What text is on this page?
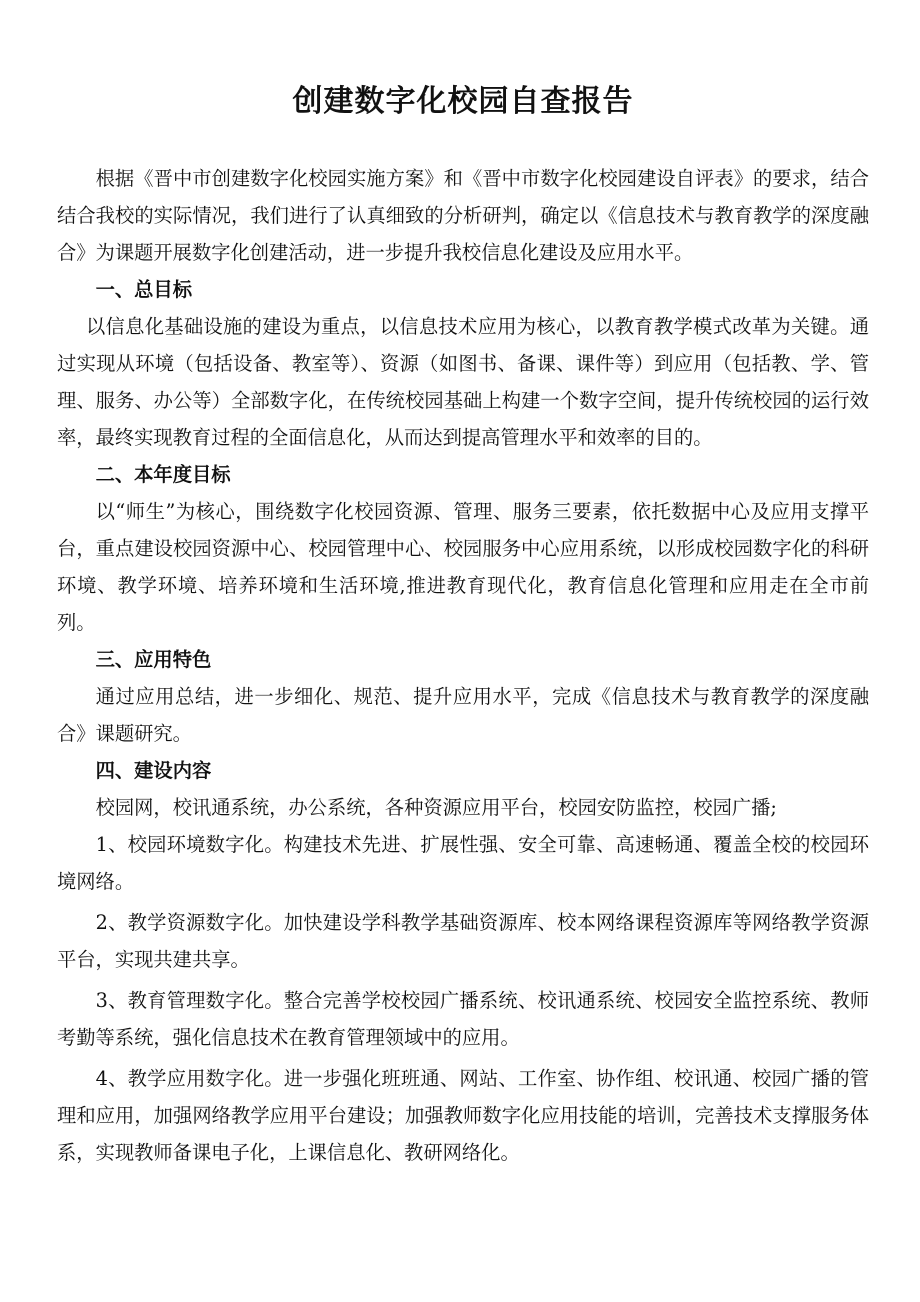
创建数字化校园自查报告

根据《晋中市创建数字化校园实施方案》和《晋中市数字化校园建设自评表》的要求，结合结合我校的实际情况，我们进行了认真细致的分析研判，确定以《信息技术与教育教学的深度融合》为课题开展数字化创建活动，进一步提升我校信息化建设及应用水平。

一、总目标

以信息化基础设施的建设为重点，以信息技术应用为核心，以教育教学模式改革为关键。通过实现从环境（包括设备、教室等）、资源（如图书、备课、课件等）到应用（包括教、学、管理、服务、办公等）全部数字化，在传统校园基础上构建一个数字空间，提升传统校园的运行效率，最终实现教育过程的全面信息化，从而达到提高管理水平和效率的目的。

二、本年度目标

以“师生”为核心，围绕数字化校园资源、管理、服务三要素，依托数据中心及应用支撑平台，重点建设校园资源中心、校园管理中心、校园服务中心应用系统，以形成校园数字化的科研环境、教学环境、培养环境和生活环境,推进教育现代化，教育信息化管理和应用走在全市前列。

三、应用特色

通过应用总结，进一步细化、规范、提升应用水平，完成《信息技术与教育教学的深度融合》课题研究。

四、建设内容

校园网，校讯通系统，办公系统，各种资源应用平台，校园安防监控，校园广播;

1、校园环境数字化。构建技术先进、扩展性强、安全可靠、高速畅通、覆盖全校的校园环境网络。

2、教学资源数字化。加快建设学科教学基础资源库、校本网络课程资源库等网络教学资源平台，实现共建共享。

3、教育管理数字化。整合完善学校校园广播系统、校讯通系统、校园安全监控系统、教师考勤等系统，强化信息技术在教育管理领域中的应用。

4、教学应用数字化。进一步强化班班通、网站、工作室、协作组、校讯通、校园广播的管理和应用，加强网络教学应用平台建设；加强教师数字化应用技能的培训，完善技术支撑服务体系，实现教师备课电子化，上课信息化、教研网络化。
